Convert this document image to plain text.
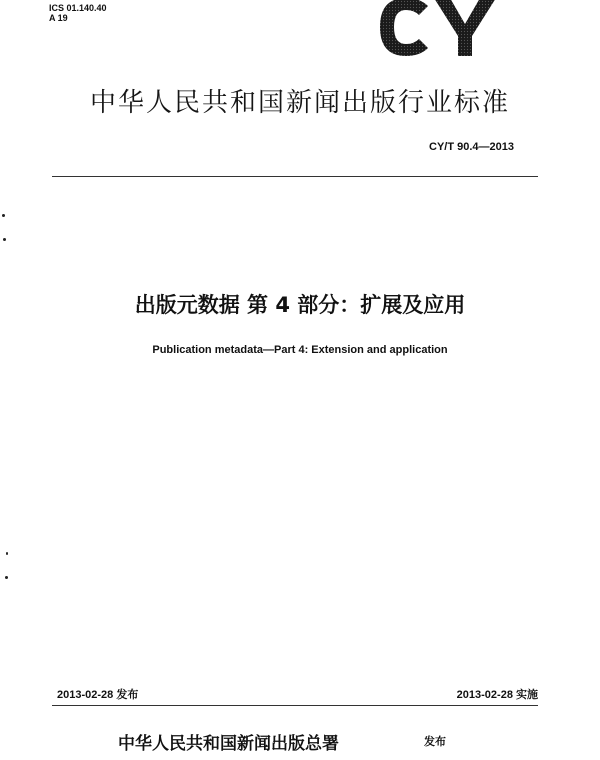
ICS 01.140.40
A 19
中华人民共和国新闻出版行业标准
CY/T 90.4—2013
出版元数据 第 4 部分：扩展及应用
Publication metadata—Part 4: Extension and application
2013-02-28 发布	2013-02-28 实施
中华人民共和国新闻出版总署	发布
